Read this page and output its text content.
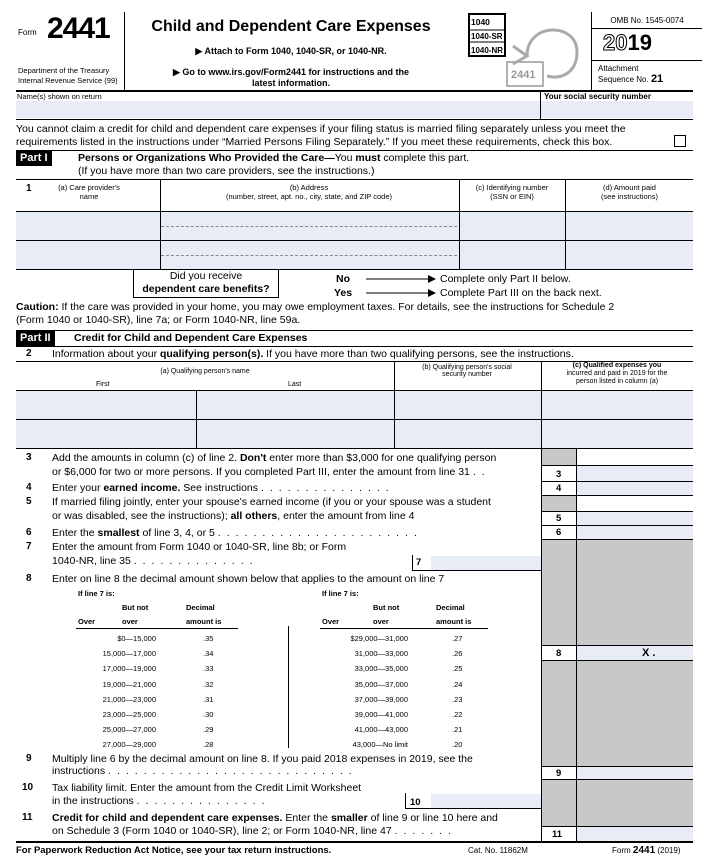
Form 2441
Department of the Treasury
Internal Revenue Service (99)
Child and Dependent Care Expenses
▶ Attach to Form 1040, 1040-SR, or 1040-NR.
▶ Go to www.irs.gov/Form2441 for instructions and the
latest information.
1040
1040-SR
1040-NR
2441
OMB No. 1545-0074
2019
Attachment
Sequence No. 21
Name(s) shown on return	Your social security number
You cannot claim a credit for child and dependent care expenses if your filing status is married filing separately unless you meet the
requirements listed in the instructions under “Married Persons Filing Separately.” If you meet these requirements, check this box.
Part I	Persons or Organizations Who Provided the Care—You must complete this part.
(If you have more than two care providers, see the instructions.)
1	(a) Care provider's
name
(b) Address
(number, street, apt. no., city, state, and ZIP code)
(c) Identifying number
(SSN or EIN)
(d) Amount paid
(see instructions)
Did you receive
dependent care benefits?
No
Yes
Complete only Part II below.
Complete Part III on the back next.
Caution: If the care was provided in your home, you may owe employment taxes. For details, see the instructions for Schedule 2
(Form 1040 or 1040-SR), line 7a; or Form 1040-NR, line 59a.
Part II	Credit for Child and Dependent Care Expenses
2 Information about your qualifying person(s). If you have more than two qualifying persons, see the instructions.
(a) Qualifying person's name
First	Last
(b) Qualifying person's social
security number
(c) Qualified expenses you
incurred and paid in 2019 for the
person listed in column (a)
3 Add the amounts in column (c) of line 2. Don't enter more than $3,000 for one qualifying person
or $6,000 for two or more persons. If you completed Part III, enter the amount from line 31 ..	3
4 Enter your earned income. See instructions ...............	4
5 If married filing jointly, enter your spouse's earned income (if you or your spouse was a student
or was disabled, see the instructions); all others, enter the amount from line 4	5
6 Enter the smallest of line 3, 4, or 5 .......................	6
7 Enter the amount from Form 1040 or 1040-SR, line 8b; or Form
1040-NR, line 35 ..............	7
8 Enter on line 8 the decimal amount shown below that applies to the amount on line 7
8	X .
If line 7 is:
But not	Decimal
Over	over	amount is
If line 7 is:
But not	Decimal
Over	over	amount is
$0—15,000	.35
15,000—17,000	.34
17,000—19,000	.33
19,000—21,000	.32
21,000—23,000	.31
23,000—25,000	.30
25,000—27,000	.29
27,000—29,000	.28
$29,000—31,000	.27
31,000—33,000	.26
33,000—35,000	.25
35,000—37,000	.24
37,000—39,000	.23
39,000—41,000	.22
41,000—43,000	.21
43,000—No limit	.20
9 Multiply line 6 by the decimal amount on line 8. If you paid 2018 expenses in 2019, see the
instructions ............................	9
10 Tax liability limit. Enter the amount from the Credit Limit Worksheet
in the instructions ...............	10
11 Credit for child and dependent care expenses. Enter the smaller of line 9 or line 10 here and
on Schedule 3 (Form 1040 or 1040-SR), line 2; or Form 1040-NR, line 47 .......	11
For Paperwork Reduction Act Notice, see your tax return instructions.	Cat. No. 11862M	Form 2441 (2019)
